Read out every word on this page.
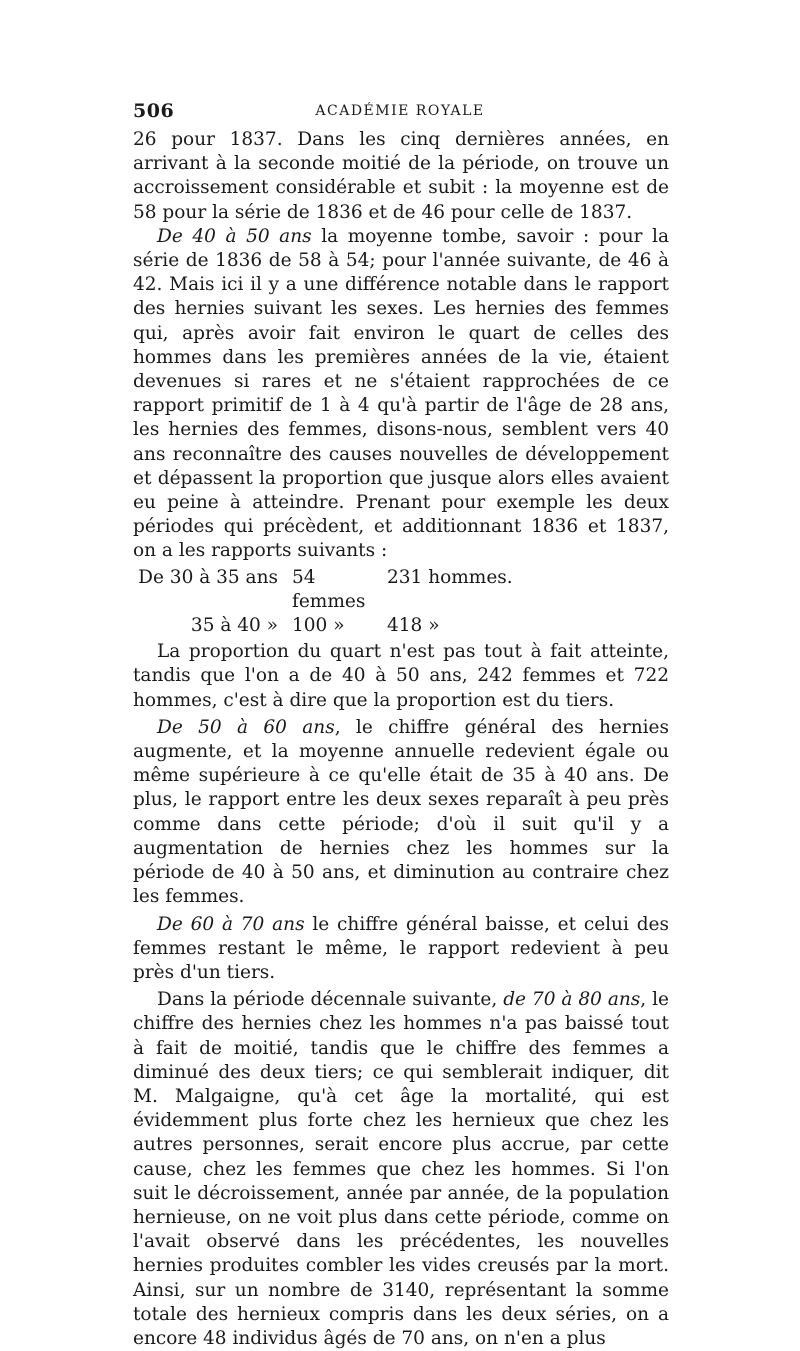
506	ACADÉMIE ROYALE

26 pour 1837. Dans les cinq dernières années, en arrivant à la seconde moitié de la période, on trouve un accroissement considérable et subit : la moyenne est de 58 pour la série de 1836 et de 46 pour celle de 1837.

De 40 à 50 ans la moyenne tombe, savoir : pour la série de 1836 de 58 à 54; pour l'année suivante, de 46 à 42. Mais ici il y a une différence notable dans le rapport des hernies suivant les sexes. Les hernies des femmes qui, après avoir fait environ le quart de celles des hommes dans les premières années de la vie, étaient devenues si rares et ne s'étaient rapprochées de ce rapport primitif de 1 à 4 qu'à partir de l'âge de 28 ans, les hernies des femmes, disons-nous, semblent vers 40 ans reconnaître des causes nouvelles de développement et dépassent la proportion que jusque alors elles avaient eu peine à atteindre. Prenant pour exemple les deux périodes qui précèdent, et additionnant 1836 et 1837, on a les rapports suivants :

De 30 à 35 ans 54 femmes
231 hommes.
35 à 40 » 100 »	418 »

La proportion du quart n'est pas tout à fait atteinte, tandis que l'on a de 40 à 50 ans, 242 femmes et 722 hommes, c'est à dire que la proportion est du tiers.

De 50 à 60 ans, le chiffre général des hernies augmente, et la moyenne annuelle redevient égale ou même supérieure à ce qu'elle était de 35 à 40 ans. De plus, le rapport entre les deux sexes reparaît à peu près comme dans cette période; d'où il suit qu'il y a augmentation de hernies chez les hommes sur la période de 40 à 50 ans, et diminution au contraire chez les femmes.

De 60 à 70 ans le chiffre général baisse, et celui des femmes restant le même, le rapport redevient à peu près d'un tiers.

Dans la période décennale suivante, de 70 à 80 ans, le chiffre des hernies chez les hommes n'a pas baissé tout à fait de moitié, tandis que le chiffre des femmes a diminué des deux tiers; ce qui semblerait indiquer, dit M. Malgaigne, qu'à cet âge la mortalité, qui est évidemment plus forte chez les hernieux que chez les autres personnes, serait encore plus accrue, par cette cause, chez les femmes que chez les hommes. Si l'on suit le décroissement, année par année, de la population hernieuse, on ne voit plus dans cette période, comme on l'avait observé dans les précédentes, les nouvelles hernies produites combler les vides creusés par la mort. Ainsi, sur un nombre de 3140, représentant la somme totale des hernieux compris dans les deux séries, on a encore 48 individus âgés de 70 ans, on n'en a plus
